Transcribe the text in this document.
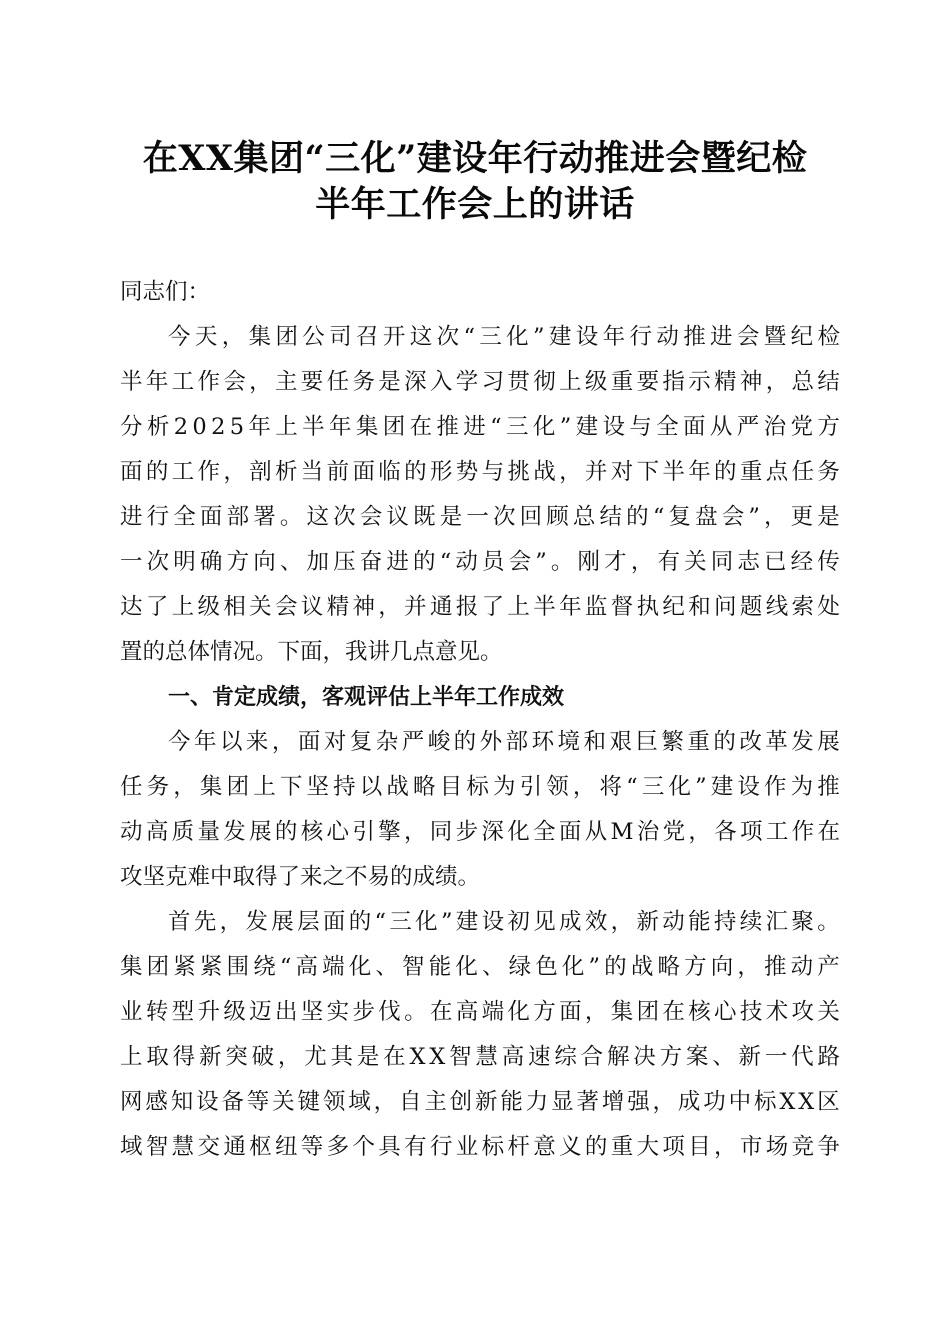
在XX集团“三化”建设年行动推进会暨纪检
半年工作会上的讲话
同志们：
今 天 ， 集 团 公 司 召 开 这 次 “ 三 化 ” 建 设 年 行 动 推 进 会 暨 纪 检
半 年 工 作 会 ， 主 要 任 务 是 深 入 学 习 贯 彻 上 级 重 要 指 示 精 神 ， 总 结
分 析 2 0 2 5 年 上 半 年 集 团 在 推 进 “ 三 化 ” 建 设 与 全 面 从 严 治 党 方
面 的 工 作 ， 剖 析 当 前 面 临 的 形 势 与 挑 战 ， 并 对 下 半 年 的 重 点 任 务
进 行 全 面 部 署 。 这 次 会 议 既 是 一 次 回 顾 总 结 的 “ 复 盘 会 ” ， 更 是
一 次 明 确 方 向 、 加 压 奋 进 的 “ 动 员 会 ” 。 刚 才 ， 有 关 同 志 已 经 传
达 了 上 级 相 关 会 议 精 神 ， 并 通 报 了 上 半 年 监 督 执 纪 和 问 题 线 索 处
置的总体情况。下面，我讲几点意见。
一、肯定成绩，客观评估上半年工作成效
今 年 以 来 ， 面 对 复 杂 严 峻 的 外 部 环 境 和 艰 巨 繁 重 的 改 革 发 展
任 务 ， 集 团 上 下 坚 持 以 战 略 目 标 为 引 领 ， 将 “ 三 化 ” 建 设 作 为 推
动 高 质 量 发 展 的 核 心 引 擎 ， 同 步 深 化 全 面 从 M 治 党 ， 各 项 工 作 在
攻坚克难中取得了来之不易的成绩。
首 先 ， 发 展 层 面 的 “ 三 化 ” 建 设 初 见 成 效 ， 新 动 能 持 续 汇 聚 。
集 团 紧 紧 围 绕 “ 高 端 化 、 智 能 化 、 绿 色 化 ” 的 战 略 方 向 ， 推 动 产
业 转 型 升 级 迈 出 坚 实 步 伐 。 在 高 端 化 方 面 ， 集 团 在 核 心 技 术 攻 关
上 取 得 新 突 破 ， 尤 其 是 在 X X 智 慧 高 速 综 合 解 决 方 案 、 新 一 代 路
网 感 知 设 备 等 关 键 领 域 ， 自 主 创 新 能 力 显 著 增 强 ， 成 功 中 标 X X 区
域 智 慧 交 通 枢 纽 等 多 个 具 有 行 业 标 杆 意 义 的 重 大 项 目 ， 市 场 竞 争
